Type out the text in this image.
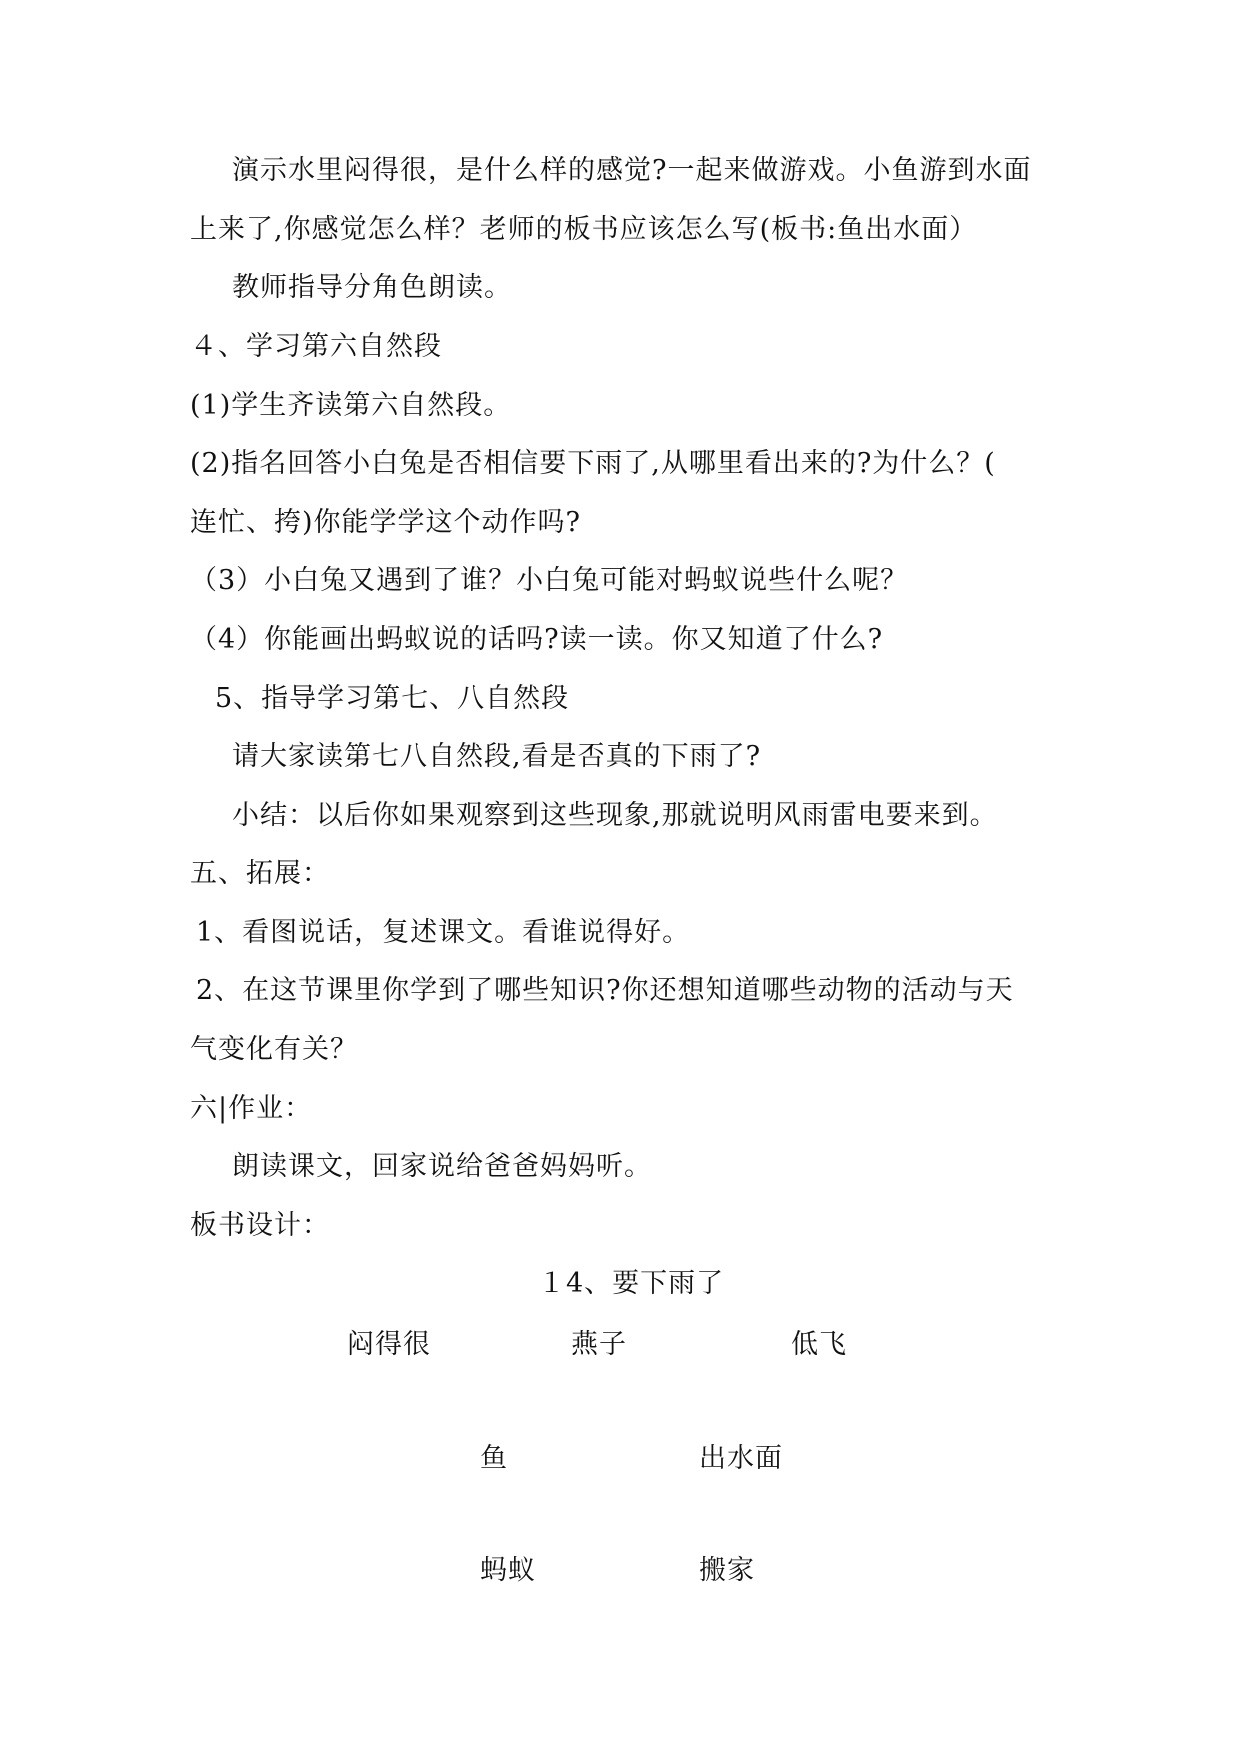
演示水里闷得很，是什么样的感觉?一起来做游戏。小鱼游到水面
上来了,你感觉怎么样？老师的板书应该怎么写(板书:鱼出水面）
教师指导分角色朗读。
４、学习第六自然段
(1)学生齐读第六自然段。
(2)指名回答小白兔是否相信要下雨了,从哪里看出来的?为什么？(
连忙、挎)你能学学这个动作吗?
（3）小白兔又遇到了谁？小白兔可能对蚂蚁说些什么呢？
（4）你能画出蚂蚁说的话吗?读一读。你又知道了什么?
5、指导学习第七、八自然段
请大家读第七八自然段,看是否真的下雨了?
小结：以后你如果观察到这些现象,那就说明风雨雷电要来到。
五、拓展：
1、看图说话，复述课文。看谁说得好。
2、在这节课里你学到了哪些知识?你还想知道哪些动物的活动与天
气变化有关？
六|作业：
朗读课文，回家说给爸爸妈妈听。
板书设计：
１4、要下雨了
闷得很	燕子	低飞
鱼	出水面
蚂蚁	搬家
